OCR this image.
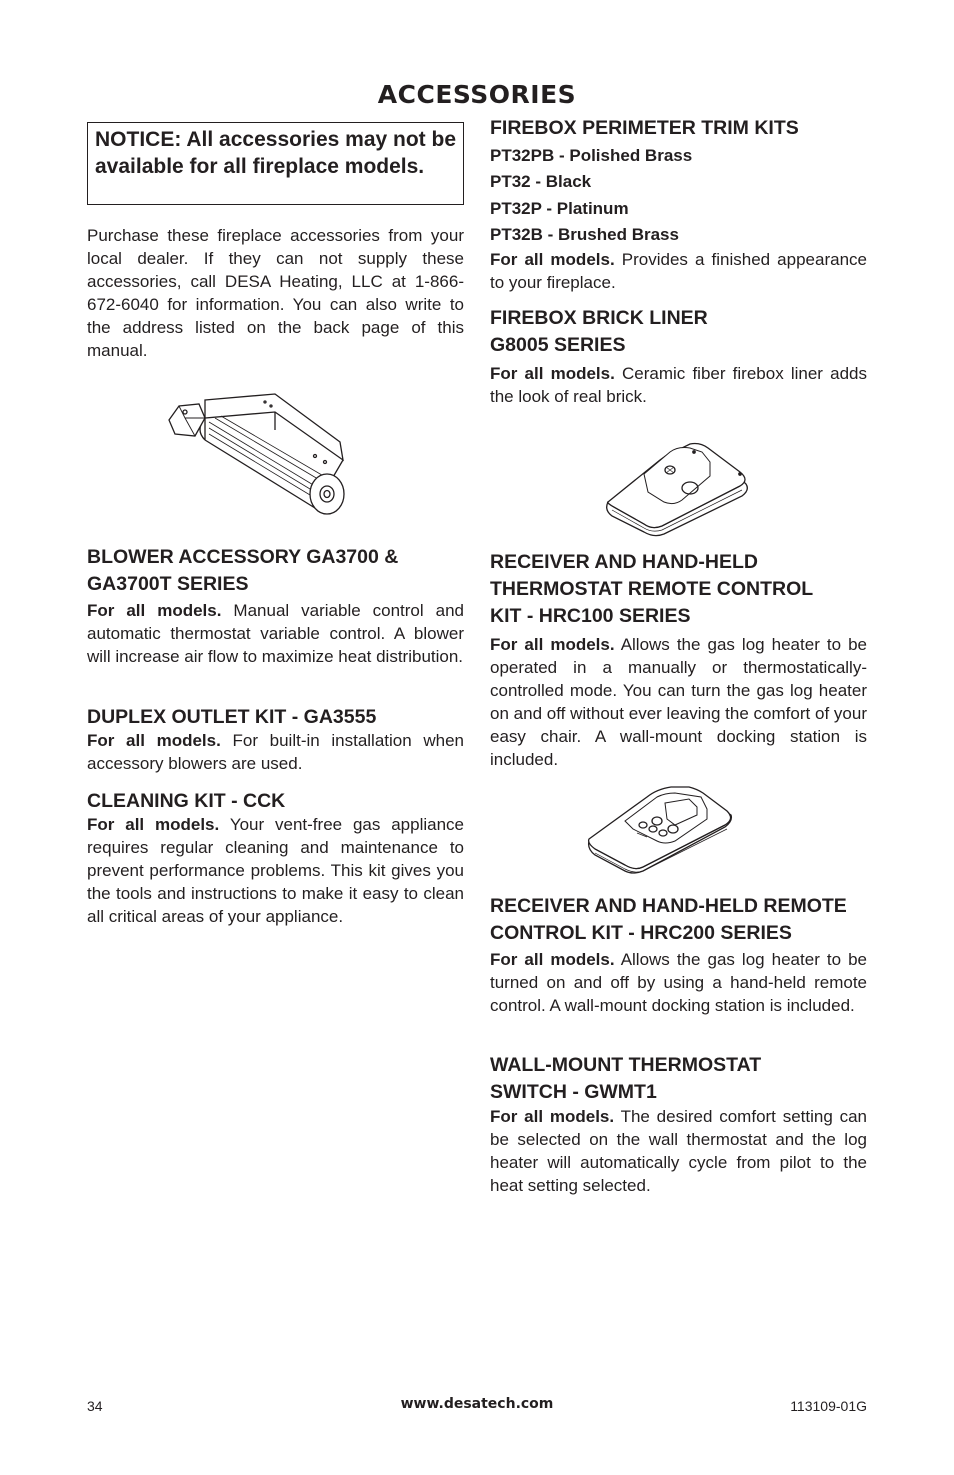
ACCESSORIES
NOTICE: All accessories may not be available for all fireplace models.

Purchase these fireplace accessories from your local dealer. If they can not supply these accessories, call DESA Heating, LLC at 1-866-672-6040 for information. You can also write to the address listed on the back page of this manual.

BLOWER ACCESSORY GA3700 &
GA3700T SERIES

For all models. Manual variable control and automatic thermostat variable control. A blower will increase air flow to maximize heat distribution.

DUPLEX OUTLET KIT - GA3555

For all models. For built-in installation when accessory blowers are used.

CLEANING KIT - CCK

For all models. Your vent-free gas appliance requires regular cleaning and maintenance to prevent performance problems. This kit gives you the tools and instructions to make it easy to clean all critical areas of your appliance.

FIREBOX PERIMETER TRIM KITS
PT32PB - Polished Brass
PT32 - Black
PT32P - Platinum
PT32B - Brushed Brass

For all models. Provides a finished appearance to your fireplace.

FIREBOX BRICK LINER
G8005 SERIES

For all models. Ceramic fiber firebox liner adds the look of real brick.

RECEIVER AND HAND-HELD
THERMOSTAT REMOTE CONTROL
KIT - HRC100 SERIES

For all models. Allows the gas log heater to be operated in a manually or thermostatically-controlled mode. You can turn the gas log heater on and off without ever leaving the comfort of your easy chair. A wall-mount docking station is included.

RECEIVER AND HAND-HELD REMOTE
CONTROL KIT - HRC200 SERIES

For all models. Allows the gas log heater to be turned on and off by using a hand-held remote control. A wall-mount docking station is included.

WALL-MOUNT THERMOSTAT
SWITCH - GWMT1

For all models. The desired comfort setting can be selected on the wall thermostat and the log heater will automatically cycle from pilot to the heat setting selected.

34	www.desatech.com	113109-01G
